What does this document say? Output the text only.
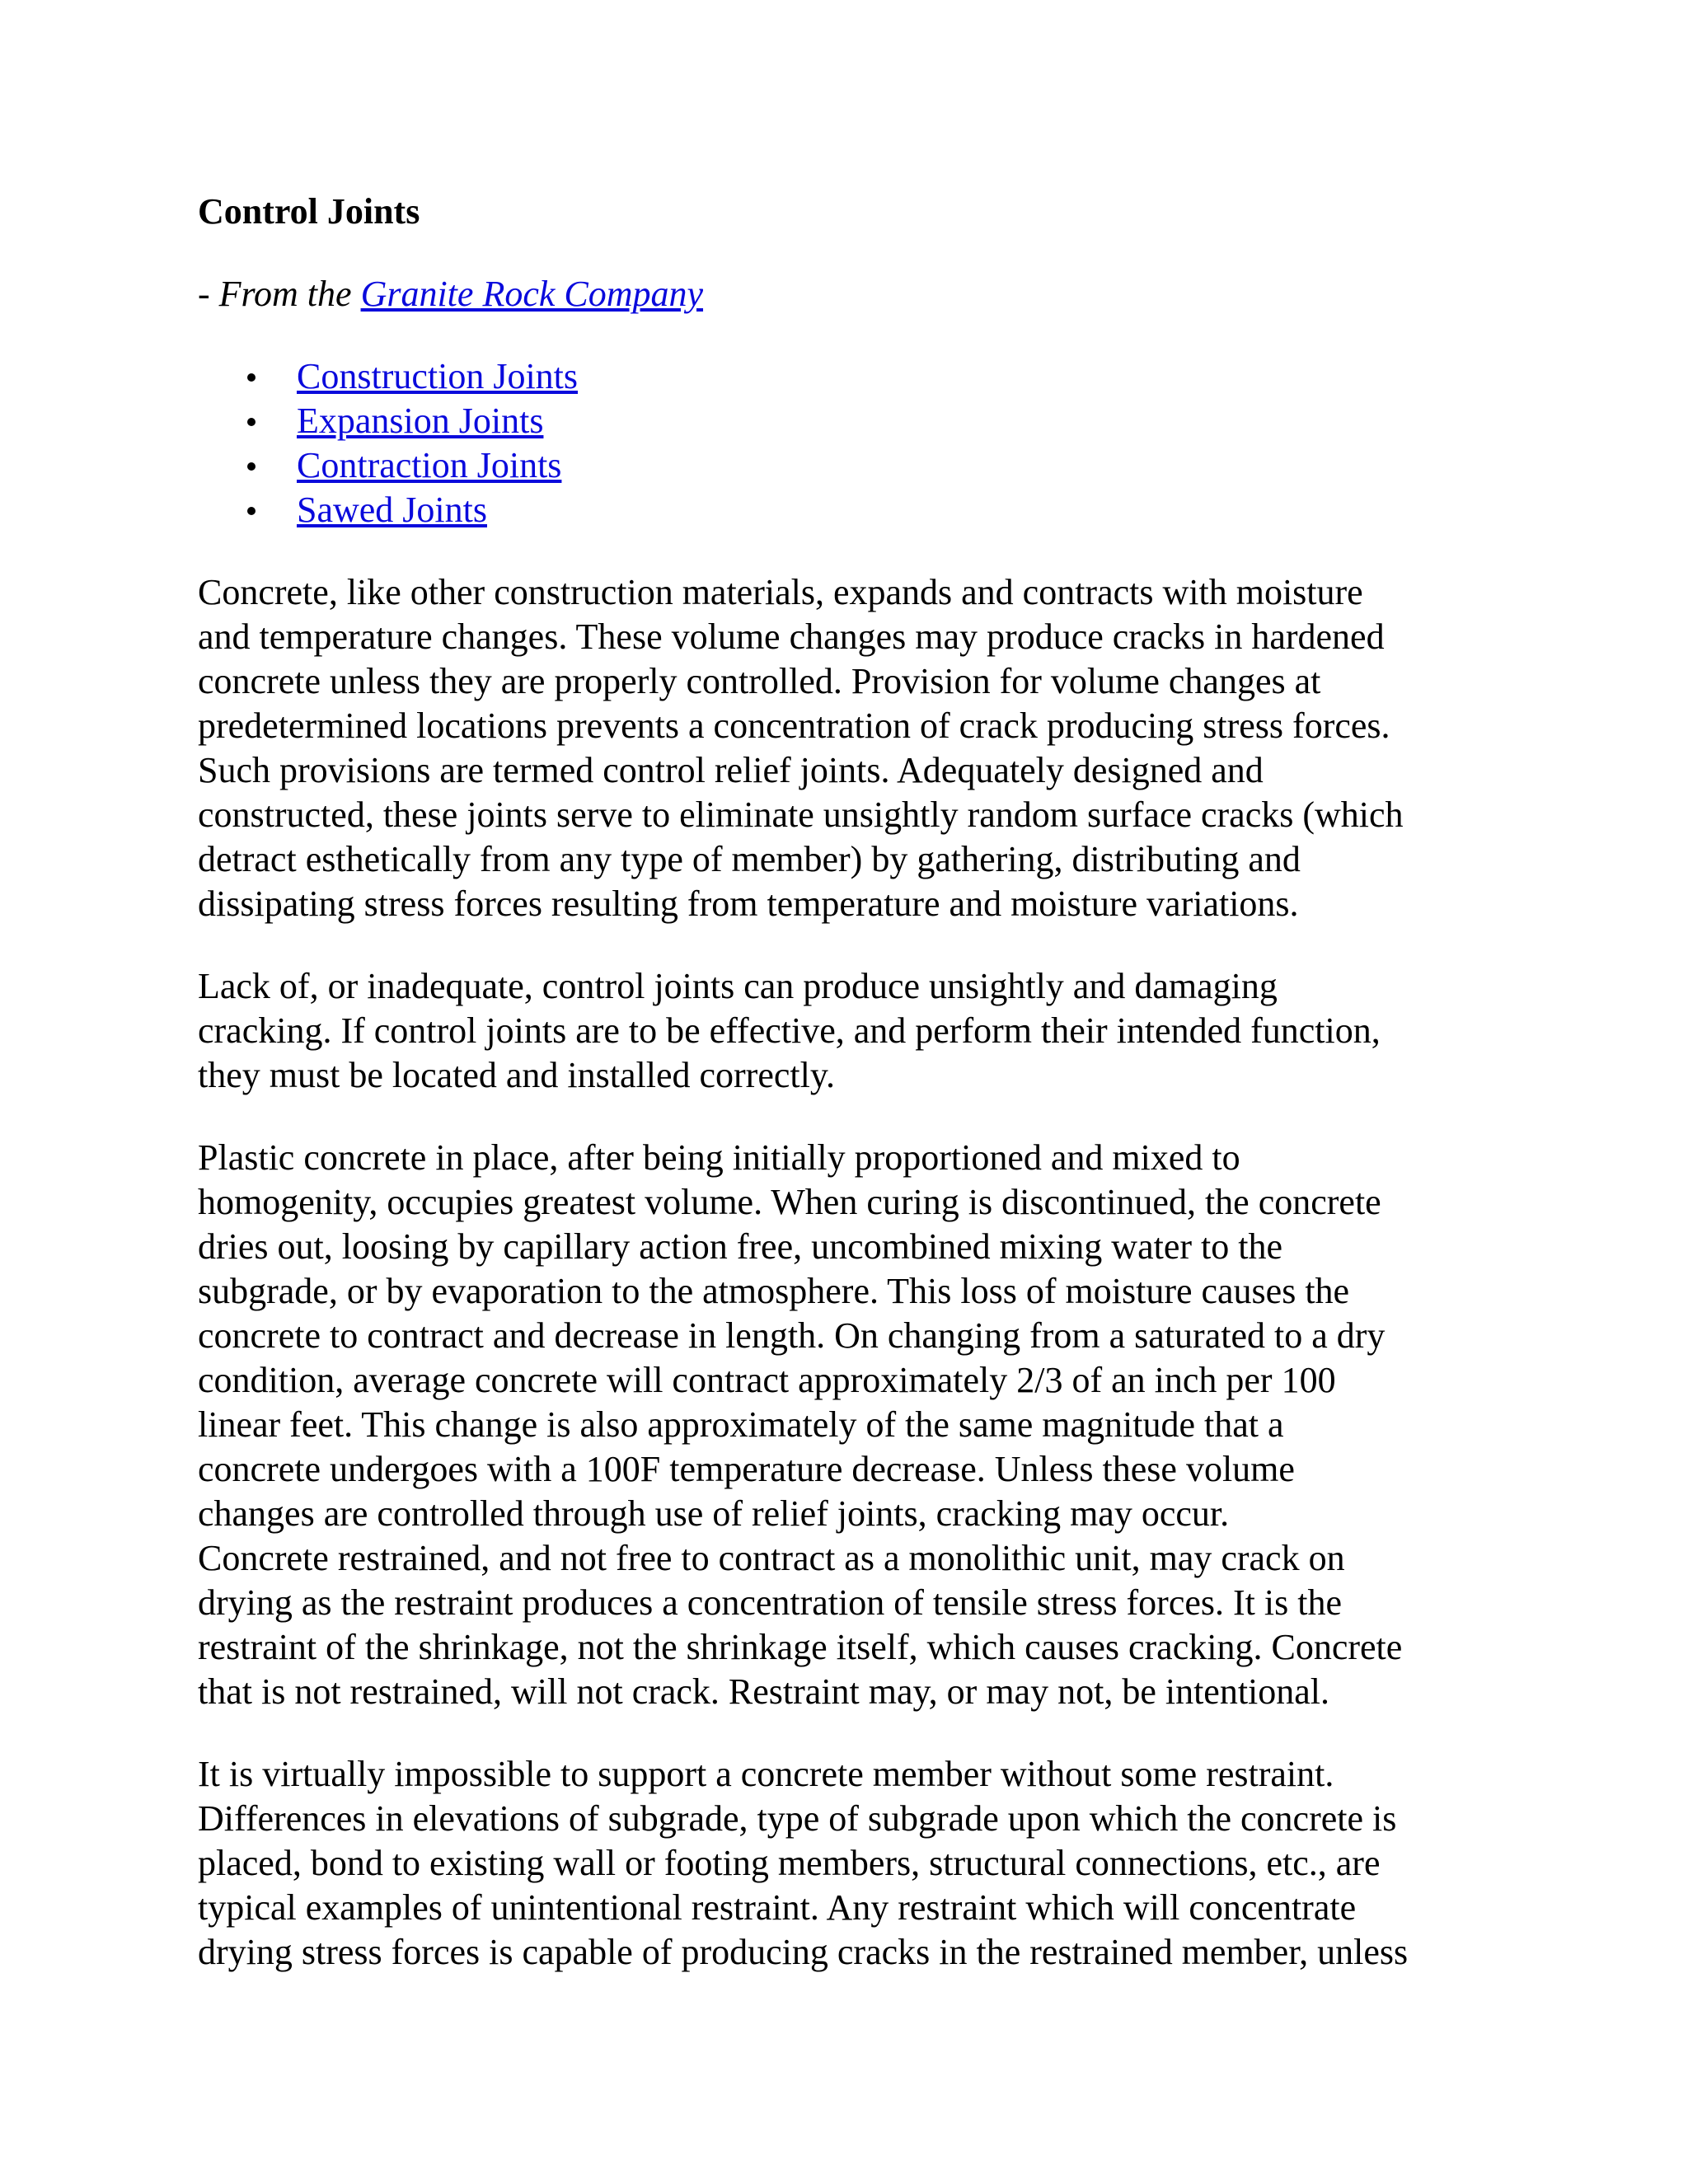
Control Joints
- From the Granite Rock Company
Construction Joints
Expansion Joints
Contraction Joints
Sawed Joints

Concrete, like other construction materials, expands and contracts with moisture
and temperature changes. These volume changes may produce cracks in hardened
concrete unless they are properly controlled. Provision for volume changes at
predetermined locations prevents a concentration of crack producing stress forces.
Such provisions are termed control relief joints. Adequately designed and
constructed, these joints serve to eliminate unsightly random surface cracks (which
detract esthetically from any type of member) by gathering, distributing and
dissipating stress forces resulting from temperature and moisture variations.

Lack of, or inadequate, control joints can produce unsightly and damaging
cracking. If control joints are to be effective, and perform their intended function,
they must be located and installed correctly.

Plastic concrete in place, after being initially proportioned and mixed to
homogenity, occupies greatest volume. When curing is discontinued, the concrete
dries out, loosing by capillary action free, uncombined mixing water to the
subgrade, or by evaporation to the atmosphere. This loss of moisture causes the
concrete to contract and decrease in length. On changing from a saturated to a dry
condition, average concrete will contract approximately 2/3 of an inch per 100
linear feet. This change is also approximately of the same magnitude that a
concrete undergoes with a 100F temperature decrease. Unless these volume
changes are controlled through use of relief joints, cracking may occur.
Concrete restrained, and not free to contract as a monolithic unit, may crack on
drying as the restraint produces a concentration of tensile stress forces. It is the
restraint of the shrinkage, not the shrinkage itself, which causes cracking. Concrete
that is not restrained, will not crack. Restraint may, or may not, be intentional.

It is virtually impossible to support a concrete member without some restraint.
Differences in elevations of subgrade, type of subgrade upon which the concrete is
placed, bond to existing wall or footing members, structural connections, etc., are
typical examples of unintentional restraint. Any restraint which will concentrate
drying stress forces is capable of producing cracks in the restrained member, unless
